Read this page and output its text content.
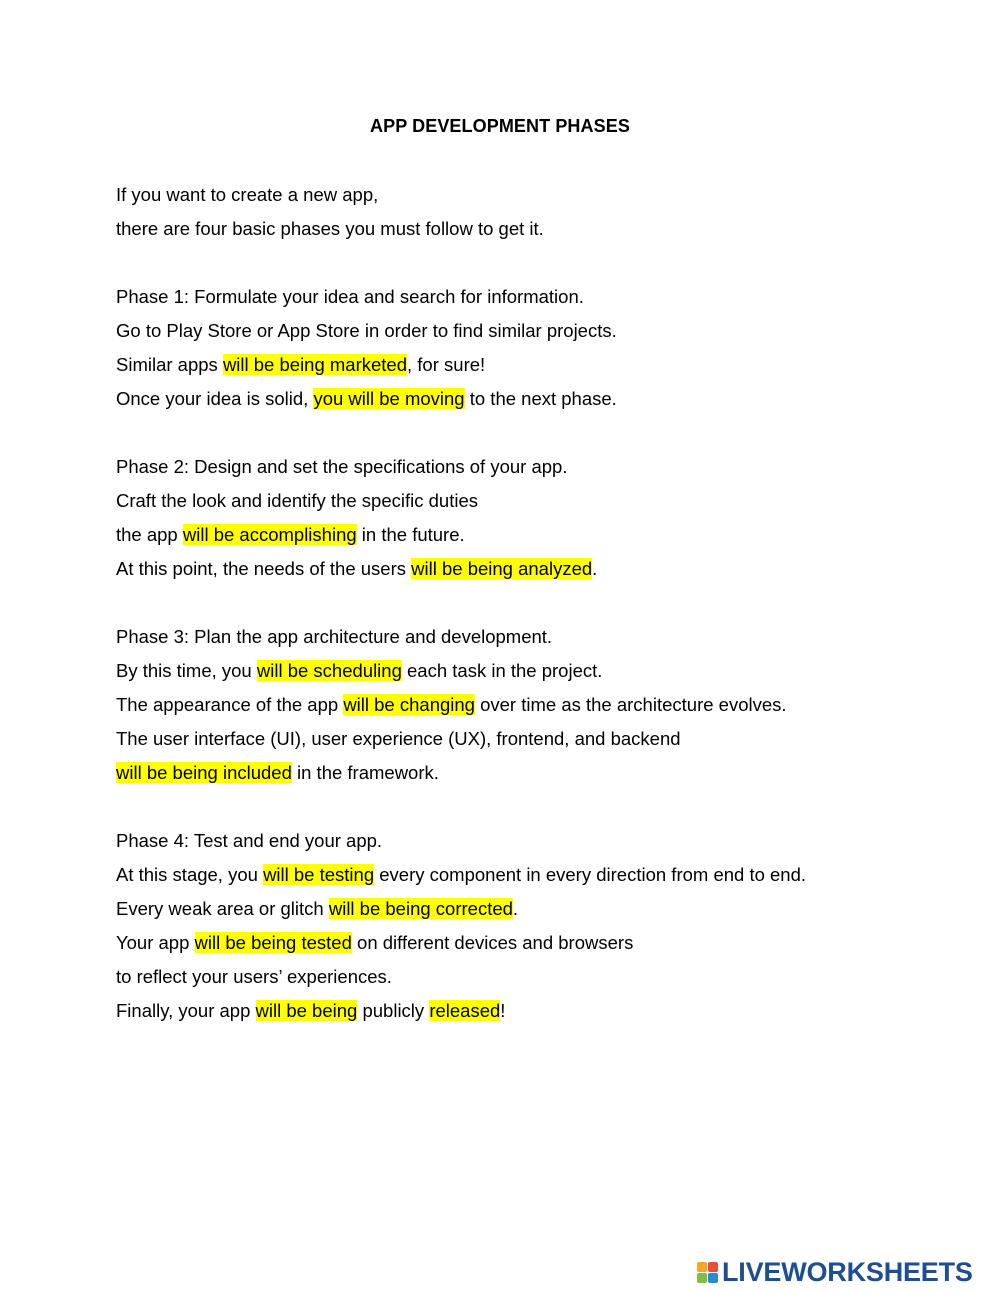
APP DEVELOPMENT PHASES
If you want to create a new app,
there are four basic phases you must follow to get it.
Phase 1: Formulate your idea and search for information.
Go to Play Store or App Store in order to find similar projects.
Similar apps will be being marketed, for sure!
Once your idea is solid, you will be moving to the next phase.
Phase 2: Design and set the specifications of your app.
Craft the look and identify the specific duties
the app will be accomplishing in the future.
At this point, the needs of the users will be being analyzed.
Phase 3: Plan the app architecture and development.
By this time, you will be scheduling each task in the project.
The appearance of the app will be changing over time as the architecture evolves.
The user interface (UI), user experience (UX), frontend, and backend
will be being included in the framework.
Phase 4: Test and end your app.
At this stage, you will be testing every component in every direction from end to end.
Every weak area or glitch will be being corrected.
Your app will be being tested on different devices and browsers
to reflect your users’ experiences.
Finally, your app will be being publicly released!
LIVEWORKSHEETS
